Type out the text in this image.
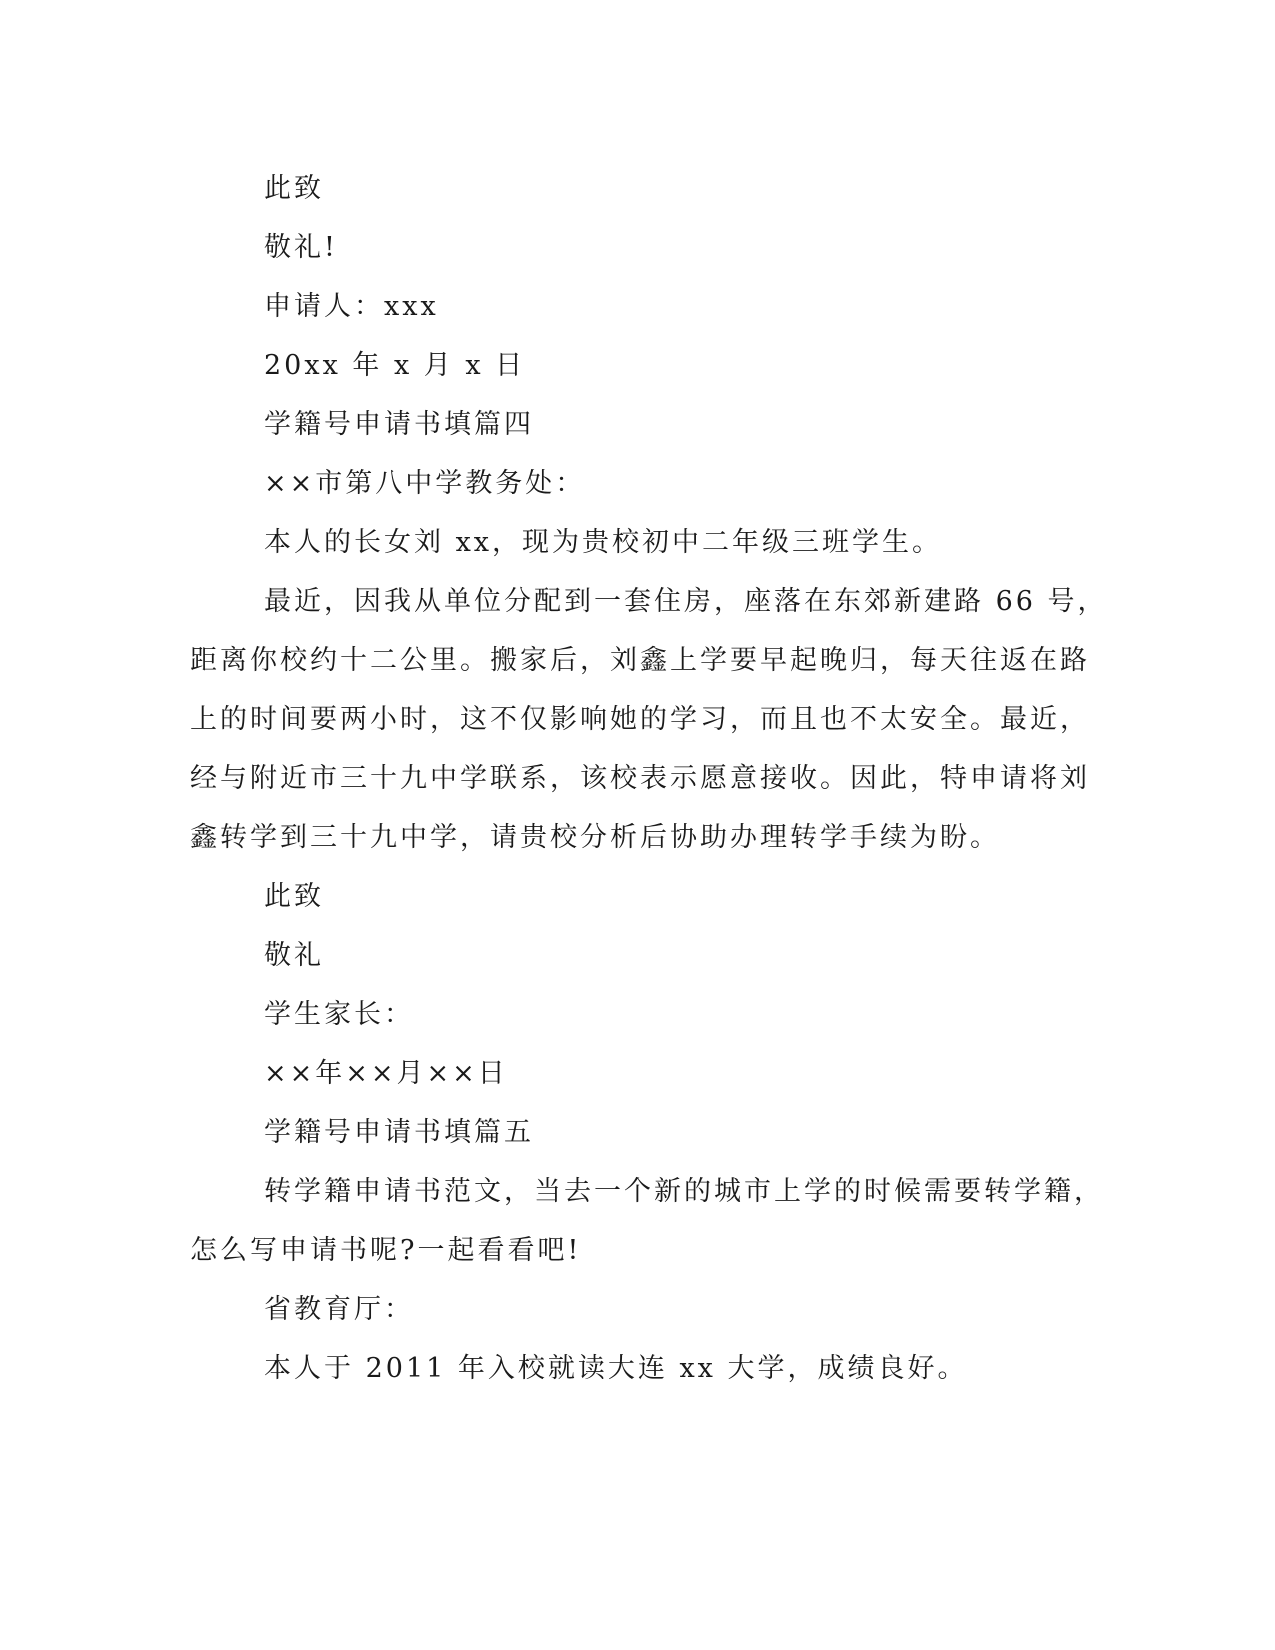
此致
敬礼!
申请人：xxx
20xx 年 x 月 x 日
学籍号申请书填篇四
××市第八中学教务处：
本人的长女刘 xx，现为贵校初中二年级三班学生。
最近，因我从单位分配到一套住房，座落在东郊新建路 66 号，
距离你校约十二公里。搬家后，刘鑫上学要早起晚归，每天往返在路
上的时间要两小时，这不仅影响她的学习，而且也不太安全。最近，
经与附近市三十九中学联系，该校表示愿意接收。因此，特申请将刘
鑫转学到三十九中学，请贵校分析后协助办理转学手续为盼。
此致
敬礼
学生家长：
××年××月××日
学籍号申请书填篇五
转学籍申请书范文，当去一个新的城市上学的时候需要转学籍，
怎么写申请书呢?一起看看吧!
省教育厅：
本人于 2011 年入校就读大连 xx 大学，成绩良好。
